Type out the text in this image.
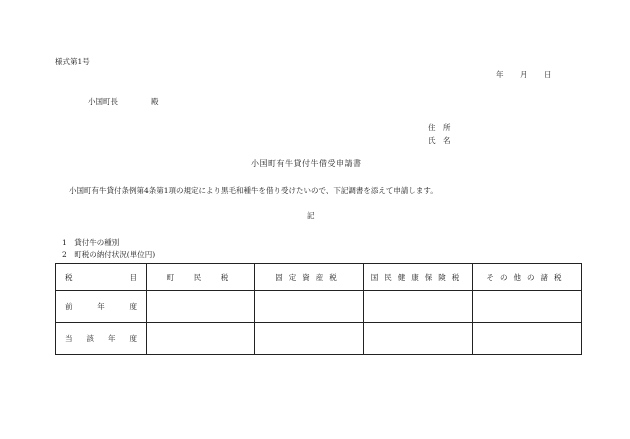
様式第1号
年 月 日
小国町長	殿
住　所
氏　名
小国町有牛貸付牛借受申請書
小国町有牛貸付条例第4条第1項の規定により黒毛和種牛を借り受けたいので、下記調書を添えて申請します。
記
1　貸付牛の種別
2　町税の納付状況(単位円)
税 目	町　民　税	固定資産税	国民健康保険税	その他の諸税

前 年 度				

当 該 年 度				
